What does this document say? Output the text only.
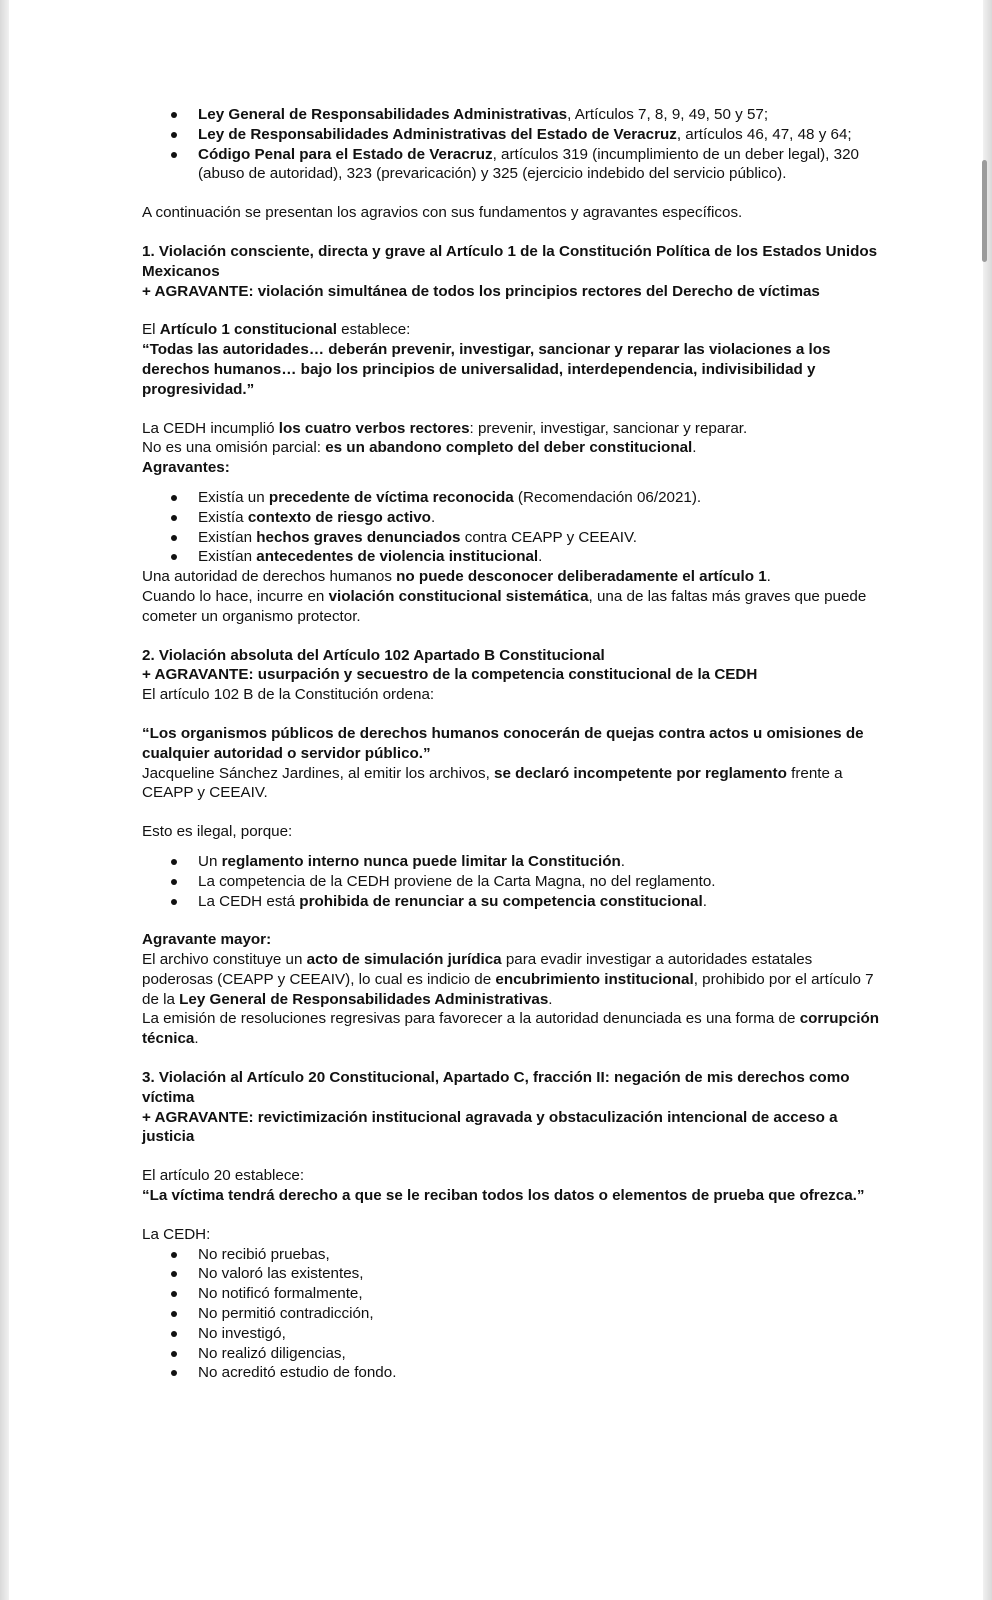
Ley General de Responsabilidades Administrativas, Artículos 7, 8, 9, 49, 50 y 57;
Ley de Responsabilidades Administrativas del Estado de Veracruz, artículos 46, 47, 48 y 64;
Código Penal para el Estado de Veracruz, artículos 319 (incumplimiento de un deber legal), 320 (abuso de autoridad), 323 (prevaricación) y 325 (ejercicio indebido del servicio público).

A continuación se presentan los agravios con sus fundamentos y agravantes específicos.

1. Violación consciente, directa y grave al Artículo 1 de la Constitución Política de los Estados Unidos Mexicanos

+ AGRAVANTE: violación simultánea de todos los principios rectores del Derecho de víctimas

El Artículo 1 constitucional establece:

“Todas las autoridades… deberán prevenir, investigar, sancionar y reparar las violaciones a los derechos humanos… bajo los principios de universalidad, interdependencia, indivisibilidad y progresividad.”

La CEDH incumplió los cuatro verbos rectores: prevenir, investigar, sancionar y reparar.

No es una omisión parcial: es un abandono completo del deber constitucional.

Agravantes:

Existía un precedente de víctima reconocida (Recomendación 06/2021).
Existía contexto de riesgo activo.
Existían hechos graves denunciados contra CEAPP y CEEAIV.
Existían antecedentes de violencia institucional.

Una autoridad de derechos humanos no puede desconocer deliberadamente el artículo 1.

Cuando lo hace, incurre en violación constitucional sistemática, una de las faltas más graves que puede cometer un organismo protector.

2. Violación absoluta del Artículo 102 Apartado B Constitucional

+ AGRAVANTE: usurpación y secuestro de la competencia constitucional de la CEDH

El artículo 102 B de la Constitución ordena:

“Los organismos públicos de derechos humanos conocerán de quejas contra actos u omisiones de cualquier autoridad o servidor público.”

Jacqueline Sánchez Jardines, al emitir los archivos, se declaró incompetente por reglamento frente a CEAPP y CEEAIV.

Esto es ilegal, porque:

Un reglamento interno nunca puede limitar la Constitución.
La competencia de la CEDH proviene de la Carta Magna, no del reglamento.
La CEDH está prohibida de renunciar a su competencia constitucional.

Agravante mayor:

El archivo constituye un acto de simulación jurídica para evadir investigar a autoridades estatales poderosas (CEAPP y CEEAIV), lo cual es indicio de encubrimiento institucional, prohibido por el artículo 7 de la Ley General de Responsabilidades Administrativas.

La emisión de resoluciones regresivas para favorecer a la autoridad denunciada es una forma de corrupción técnica.

3. Violación al Artículo 20 Constitucional, Apartado C, fracción II: negación de mis derechos como víctima

+ AGRAVANTE: revictimización institucional agravada y obstaculización intencional de acceso a justicia

El artículo 20 establece:

“La víctima tendrá derecho a que se le reciban todos los datos o elementos de prueba que ofrezca.”

La CEDH:

No recibió pruebas,
No valoró las existentes,
No notificó formalmente,
No permitió contradicción,
No investigó,
No realizó diligencias,
No acreditó estudio de fondo.
